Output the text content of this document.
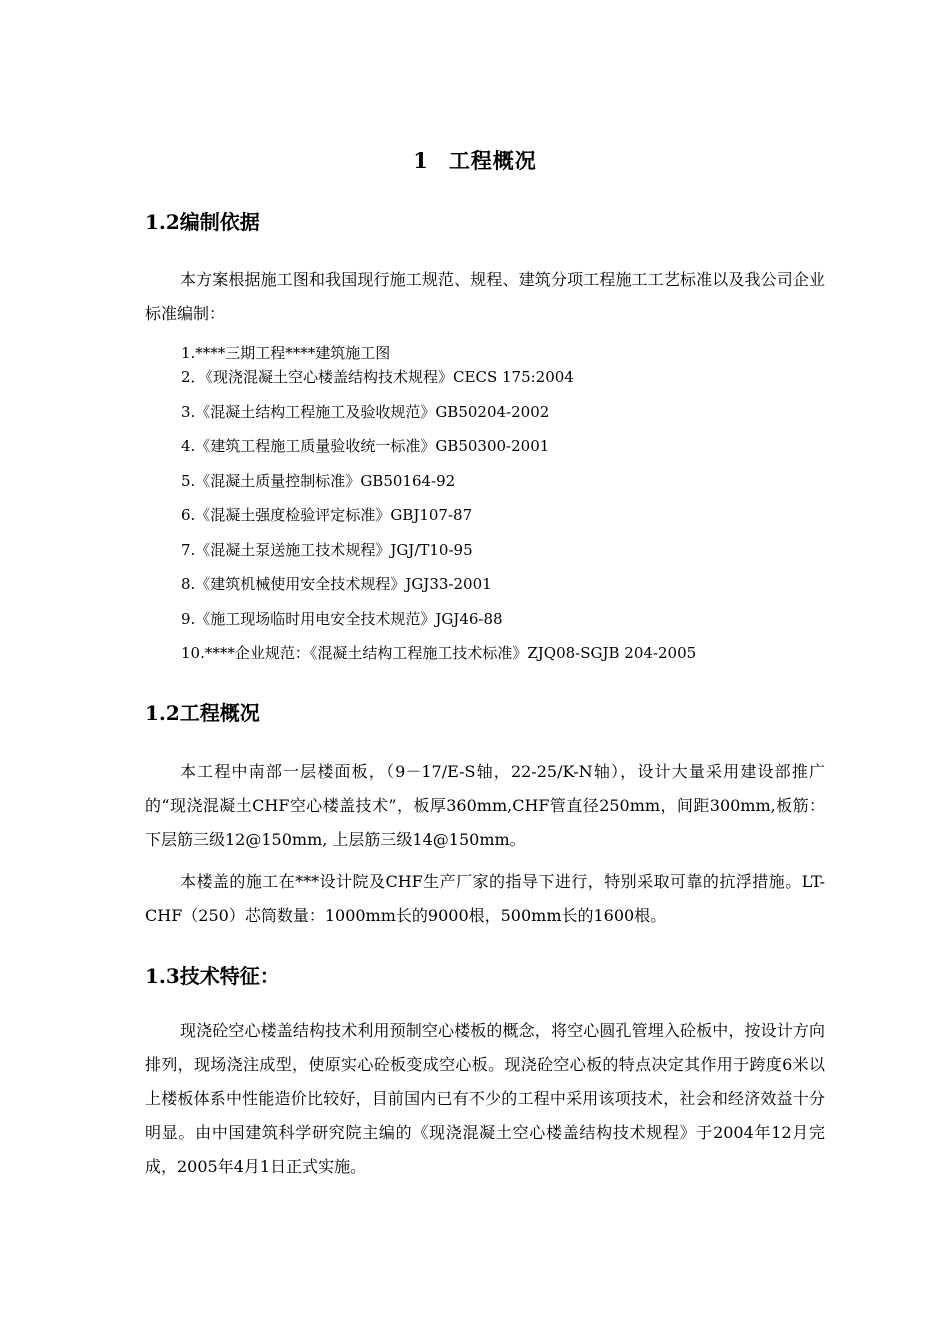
1 工程概况
1.2编制依据
本方案根据施工图和我国现行施工规范、规程、建筑分项工程施工工艺标准以及我公司企业标准编制：
1.****三期工程****建筑施工图
2．《现浇混凝土空心楼盖结构技术规程》CECS 175:2004
3.《混凝土结构工程施工及验收规范》GB50204-2002
4.《建筑工程施工质量验收统一标准》GB50300-2001
5.《混凝土质量控制标准》GB50164-92
6.《混凝土强度检验评定标准》GBJ107-87
7.《混凝土泵送施工技术规程》JGJ/T10-95
8.《建筑机械使用安全技术规程》JGJ33-2001
9.《施工现场临时用电安全技术规范》JGJ46-88
10.****企业规范：《混凝土结构工程施工技术标准》ZJQ08-SGJB 204-2005
1.2工程概况
本工程中南部一层楼面板，（9－17/E-S轴，22-25/K-N轴），设计大量采用建设部推广的“现浇混凝土CHF空心楼盖技术”，板厚360mm,CHF管直径250mm，间距300mm,板筋：下层筋三级12@150mm, 上层筋三级14@150mm。
本楼盖的施工在***设计院及CHF生产厂家的指导下进行，特别采取可靠的抗浮措施。LT-CHF（250）芯筒数量：1000mm长的9000根，500mm长的1600根。
1.3技术特征：
现浇砼空心楼盖结构技术利用预制空心楼板的概念，将空心圆孔管埋入砼板中，按设计方向排列，现场浇注成型，使原实心砼板变成空心板。现浇砼空心板的特点决定其作用于跨度6米以上楼板体系中性能造价比较好，目前国内已有不少的工程中采用该项技术，社会和经济效益十分明显。由中国建筑科学研究院主编的《现浇混凝土空心楼盖结构技术规程》于2004年12月完成，2005年4月1日正式实施。
